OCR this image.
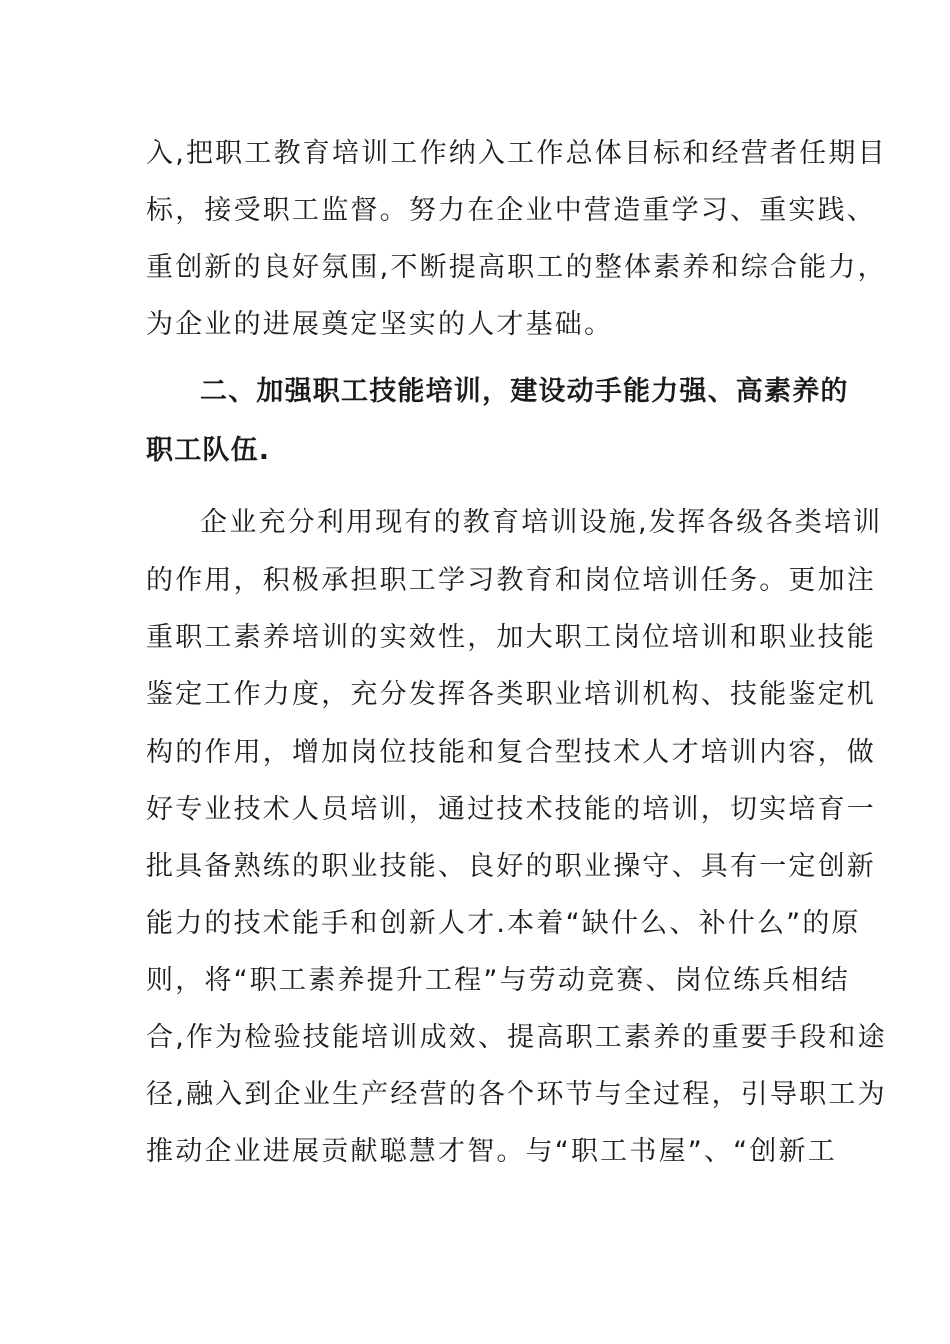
入,把职工教育培训工作纳入工作总体目标和经营者任期目
标，接受职工监督。努力在企业中营造重学习、重实践、
重创新的良好氛围,不断提高职工的整体素养和综合能力，
为企业的进展奠定坚实的人才基础。
二、加强职工技能培训，建设动手能力强、高素养的
职工队伍.
企业充分利用现有的教育培训设施,发挥各级各类培训
的作用，积极承担职工学习教育和岗位培训任务。更加注
重职工素养培训的实效性，加大职工岗位培训和职业技能
鉴定工作力度，充分发挥各类职业培训机构、技能鉴定机
构的作用，增加岗位技能和复合型技术人才培训内容，做
好专业技术人员培训，通过技术技能的培训，切实培育一
批具备熟练的职业技能、良好的职业操守、具有一定创新
能力的技术能手和创新人才.本着“缺什么、补什么”的原
则，将“职工素养提升工程”与劳动竞赛、岗位练兵相结
合,作为检验技能培训成效、提高职工素养的重要手段和途
径,融入到企业生产经营的各个环节与全过程，引导职工为
推动企业进展贡献聪慧才智。与“职工书屋”、“创新工
